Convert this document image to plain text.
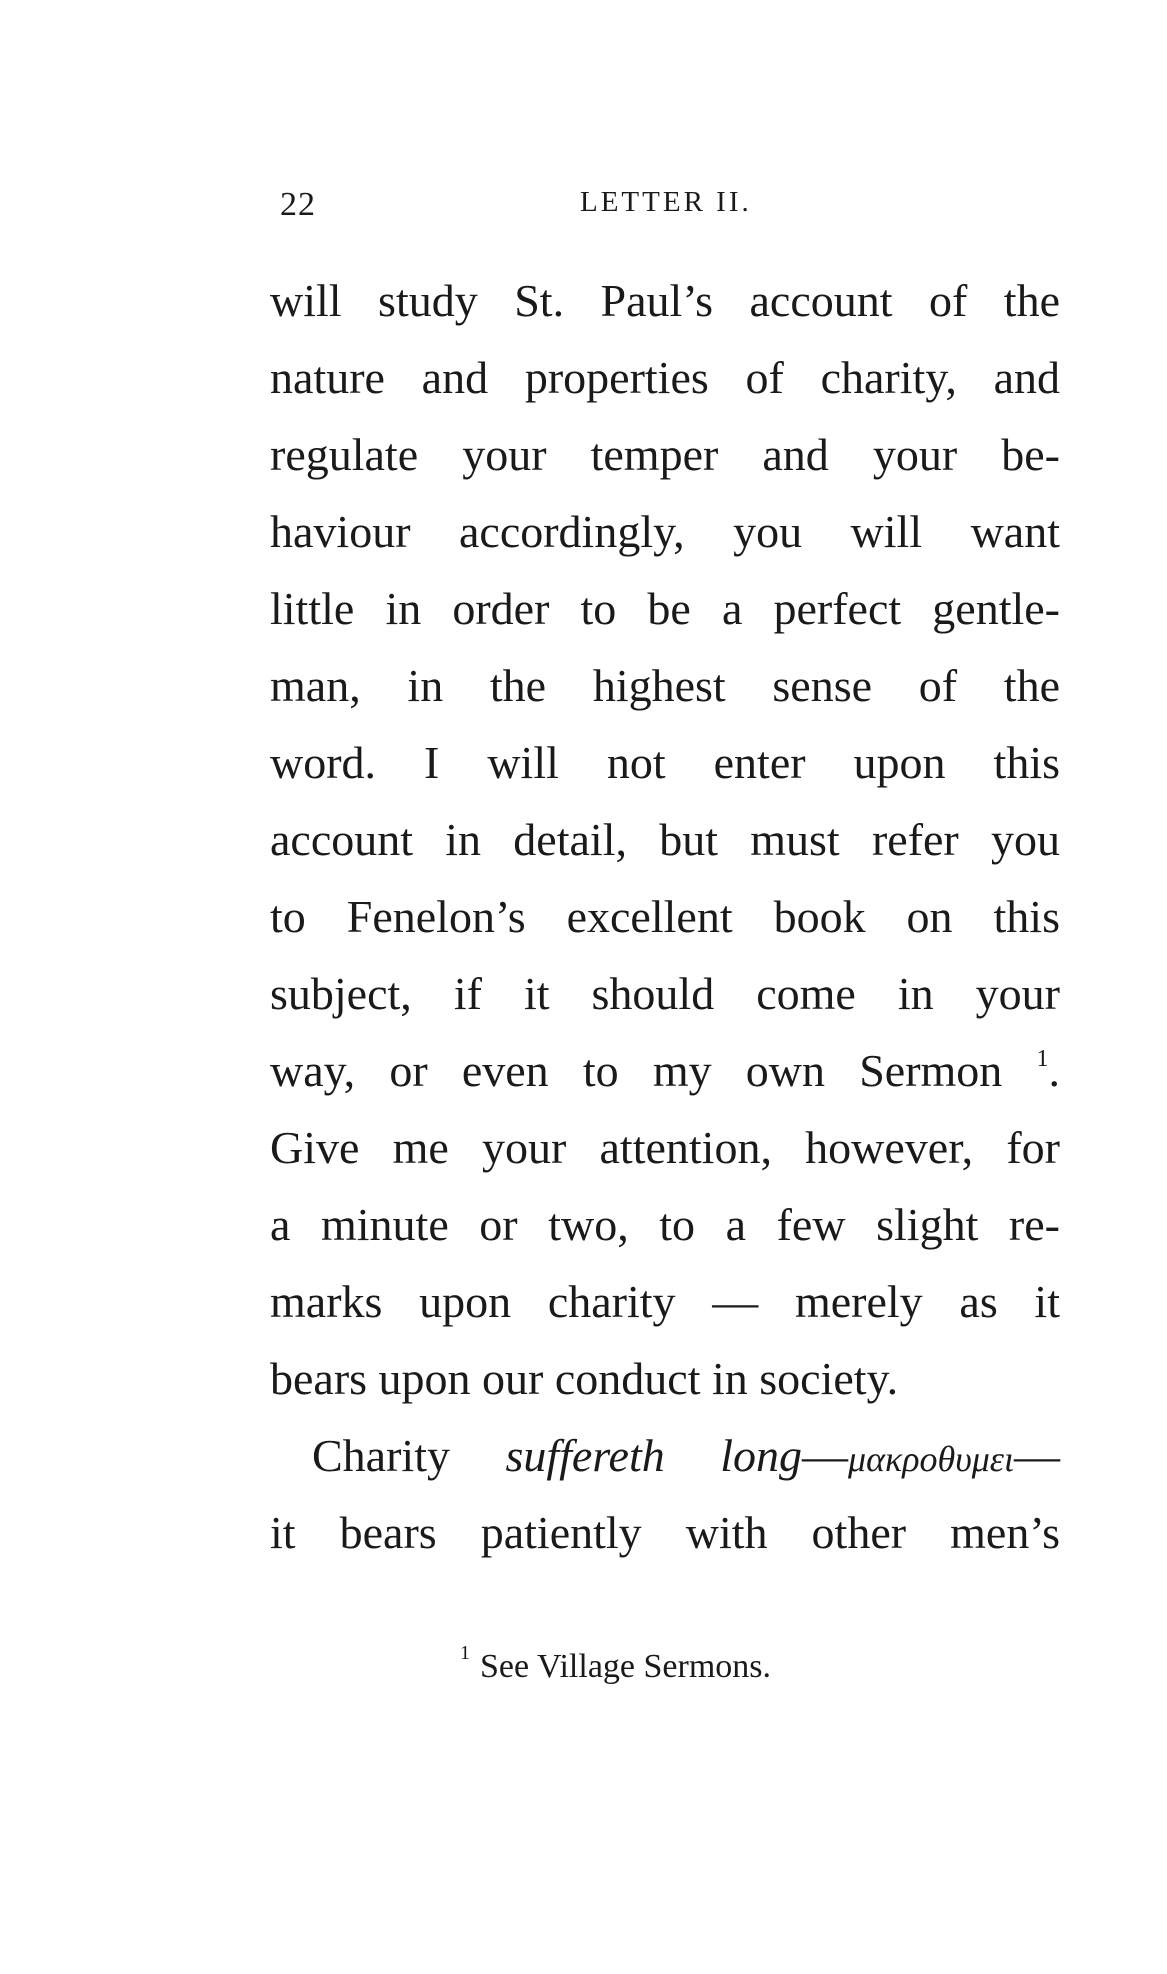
22	LETTER II.
will study St. Paul’s account of the
nature and properties of charity, and
regulate your temper and your be-
haviour accordingly, you will want
little in order to be a perfect gentle-
man, in the highest sense of the
word. I will not enter upon this
account in detail, but must refer you
to Fenelon’s excellent book on this
subject, if it should come in your
way, or even to my own Sermon $^1$.
Give me your attention, however, for
a minute or two, to a few slight re-
marks upon charity — merely as it
bears upon our conduct in society.
Charity suffereth long—μακροθυμει—
it bears patiently with other men’s
$^1$ See Village Sermons.
